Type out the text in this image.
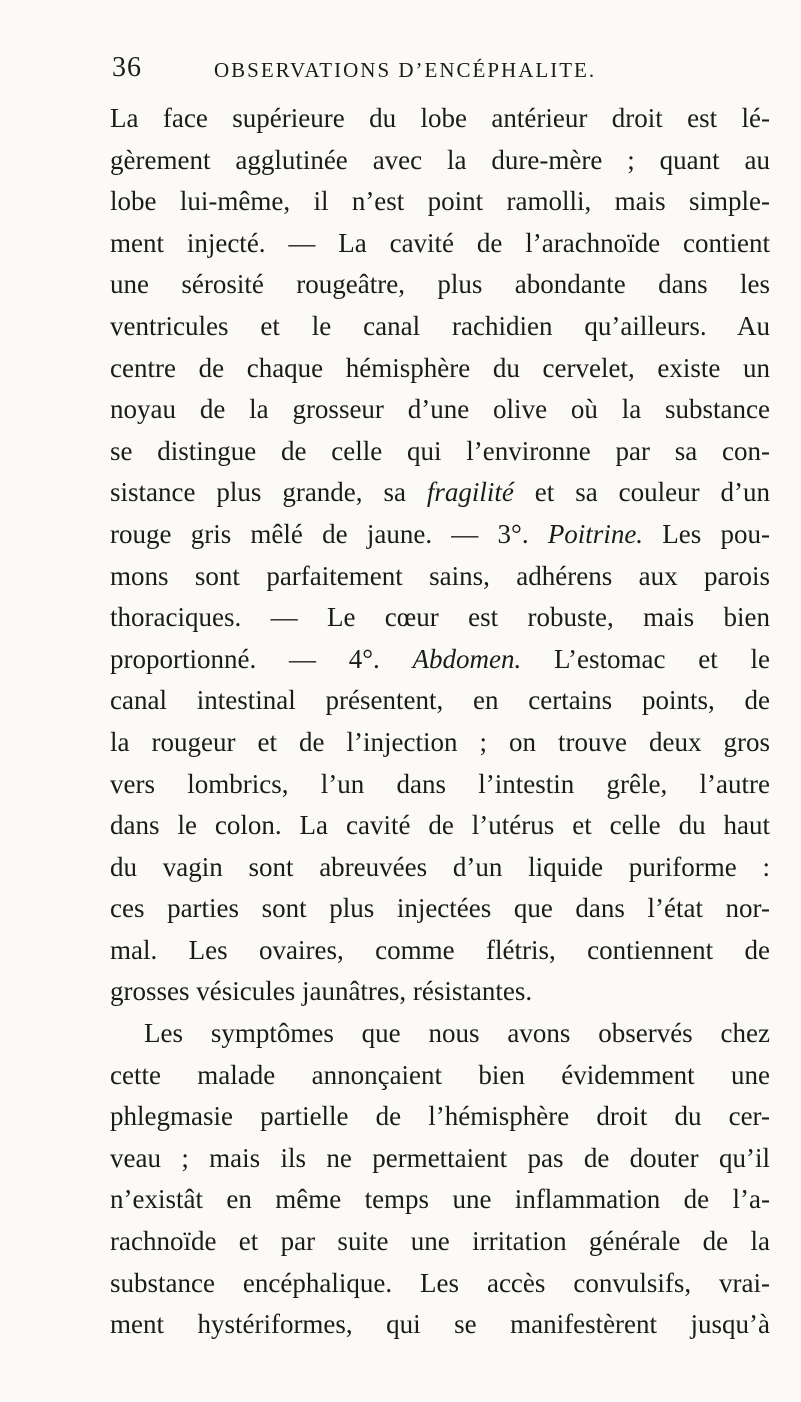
36	OBSERVATIONS D’ENCÉPHALITE.
La face supérieure du lobe antérieur droit est lé-
gèrement agglutinée avec la dure-mère ; quant au
lobe lui-même, il n’est point ramolli, mais simple-
ment injecté. — La cavité de l’arachnoïde contient
une sérosité rougeâtre, plus abondante dans les
ventricules et le canal rachidien qu’ailleurs. Au
centre de chaque hémisphère du cervelet, existe un
noyau de la grosseur d’une olive où la substance
se distingue de celle qui l’environne par sa con-
sistance plus grande, sa fragilité et sa couleur d’un
rouge gris mêlé de jaune. — 3°. Poitrine. Les pou-
mons sont parfaitement sains, adhérens aux parois
thoraciques. — Le cœur est robuste, mais bien
proportionné. — 4°. Abdomen. L’estomac et le
canal intestinal présentent, en certains points, de
la rougeur et de l’injection ; on trouve deux gros
vers lombrics, l’un dans l’intestin grêle, l’autre
dans le colon. La cavité de l’utérus et celle du haut
du vagin sont abreuvées d’un liquide puriforme :
ces parties sont plus injectées que dans l’état nor-
mal. Les ovaires, comme flétris, contiennent de
grosses vésicules jaunâtres, résistantes.
Les symptômes que nous avons observés chez
cette malade annonçaient bien évidemment une
phlegmasie partielle de l’hémisphère droit du cer-
veau ; mais ils ne permettaient pas de douter qu’il
n’existât en même temps une inflammation de l’a-
rachnoïde et par suite une irritation générale de la
substance encéphalique. Les accès convulsifs, vrai-
ment hystériformes, qui se manifestèrent jusqu’à
